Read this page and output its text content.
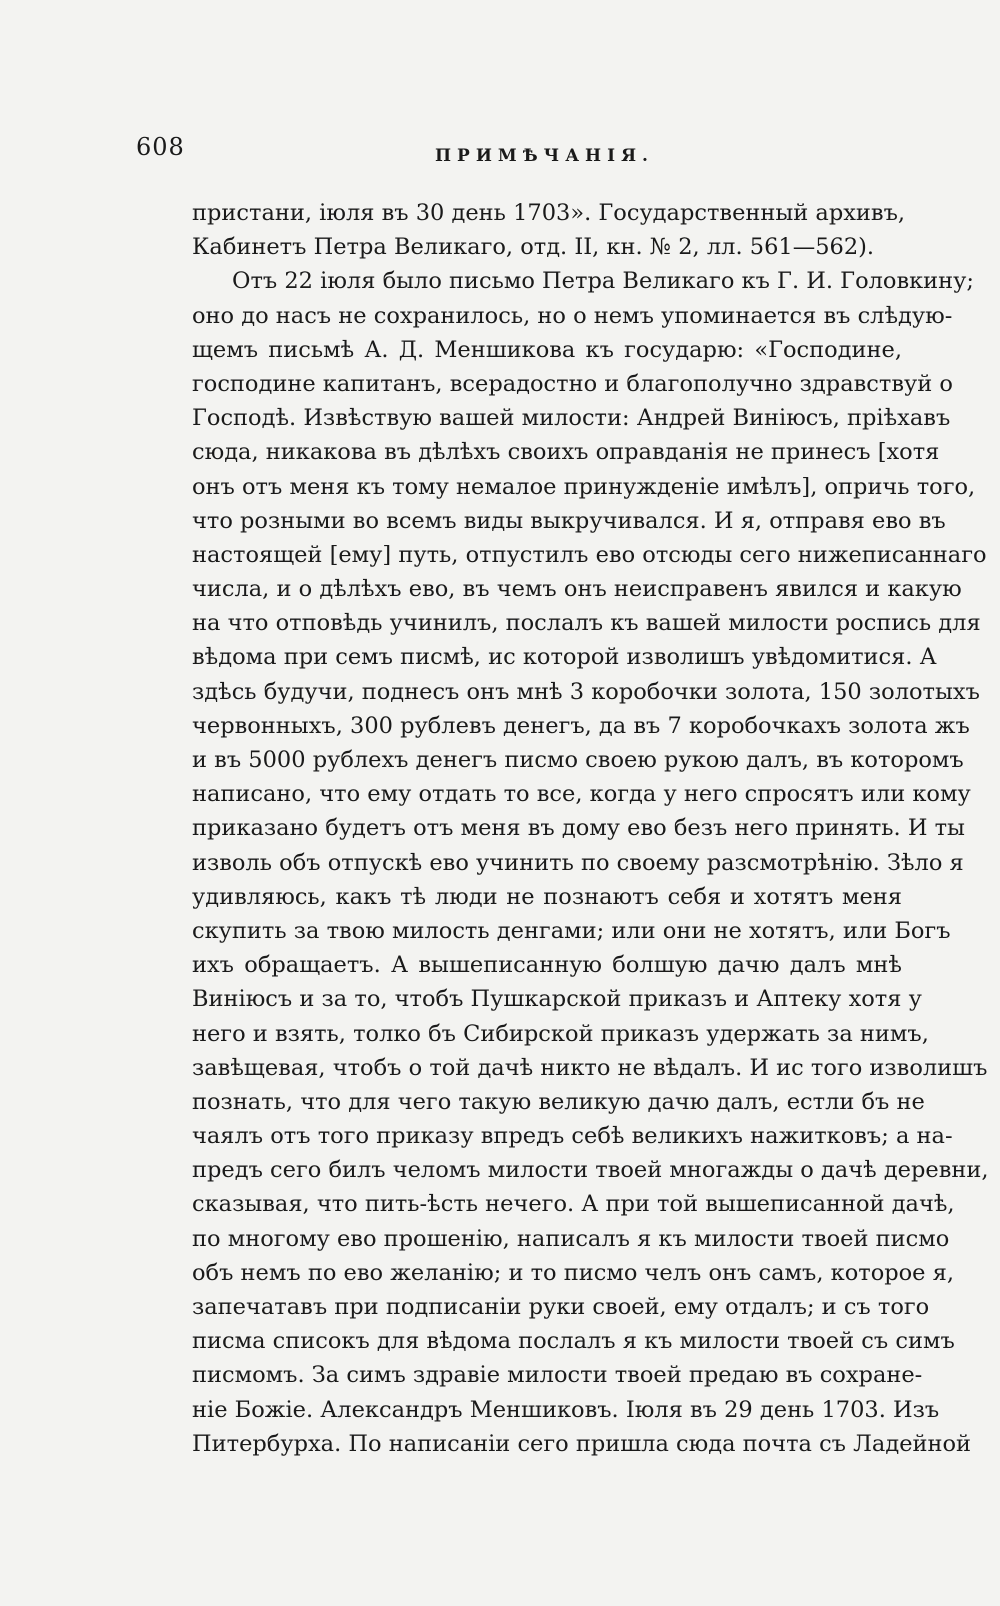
608	ПРИМѢЧАНІЯ.
пристани, іюля въ 30 день 1703». Государственный архивъ,
Кабинетъ Петра Великаго, отд. II, кн. № 2, лл. 561—562).
Отъ 22 іюля было письмо Петра Великаго къ Г. И. Головкину;
оно до насъ не сохранилось, но о немъ упоминается въ слѣдую-
щемъ письмѣ А. Д. Меншикова къ государю: «Господине,
господине капитанъ, всерадостно и благополучно здравствуй о
Господѣ. Извѣствую вашей милости: Андрей Виніюсъ, пріѣхавъ
сюда, никакова въ дѣлѣхъ своихъ оправданія не принесъ [хотя
онъ отъ меня къ тому немалое принужденіе имѣлъ], опричь того,
что розными во всемъ виды выкручивался. И я, отправя ево въ
настоящей [ему] путь, отпустилъ ево отсюды сего нижеписаннаго
числа, и о дѣлѣхъ ево, въ чемъ онъ неисправенъ явился и какую
на что отповѣдь учинилъ, послалъ къ вашей милости роспись для
вѣдома при семъ писмѣ, ис которой изволишъ увѣдомитися. А
здѣсь будучи, поднесъ онъ мнѣ 3 коробочки золота, 150 золотыхъ
червонныхъ, 300 рублевъ денегъ, да въ 7 коробочкахъ золота жъ
и въ 5000 рублехъ денегъ писмо своею рукою далъ, въ которомъ
написано, что ему отдать то все, когда у него спросятъ или кому
приказано будетъ отъ меня въ дому ево безъ него принять. И ты
изволь объ отпускѣ ево учинить по своему разсмотрѣнію. Зѣло я
удивляюсь, какъ тѣ люди не познаютъ себя и хотятъ меня
скупить за твою милость денгами; или они не хотятъ, или Богъ
ихъ обращаетъ. А вышеписанную болшую дачю далъ мнѣ
Виніюсъ и за то, чтобъ Пушкарской приказъ и Аптеку хотя у
него и взять, толко бъ Сибирской приказъ удержать за нимъ,
завѣщевая, чтобъ о той дачѣ никто не вѣдалъ. И ис того изволишъ
познать, что для чего такую великую дачю далъ, естли бъ не
чаялъ отъ того приказу впредъ себѣ великихъ нажитковъ; а на-
предъ сего билъ челомъ милости твоей многажды о дачѣ деревни,
сказывая, что пить-ѣсть нечего. А при той вышеписанной дачѣ,
по многому ево прошенію, написалъ я къ милости твоей писмо
объ немъ по ево желанію; и то писмо челъ онъ самъ, которое я,
запечатавъ при подписаніи руки своей, ему отдалъ; и съ того
писма списокъ для вѣдома послалъ я къ милости твоей съ симъ
писмомъ. За симъ здравіе милости твоей предаю въ сохране-
ніе Божіе. Александръ Меншиковъ. Іюля въ 29 день 1703. Изъ
Питербурха. По написаніи сего пришла сюда почта съ Ладейной
